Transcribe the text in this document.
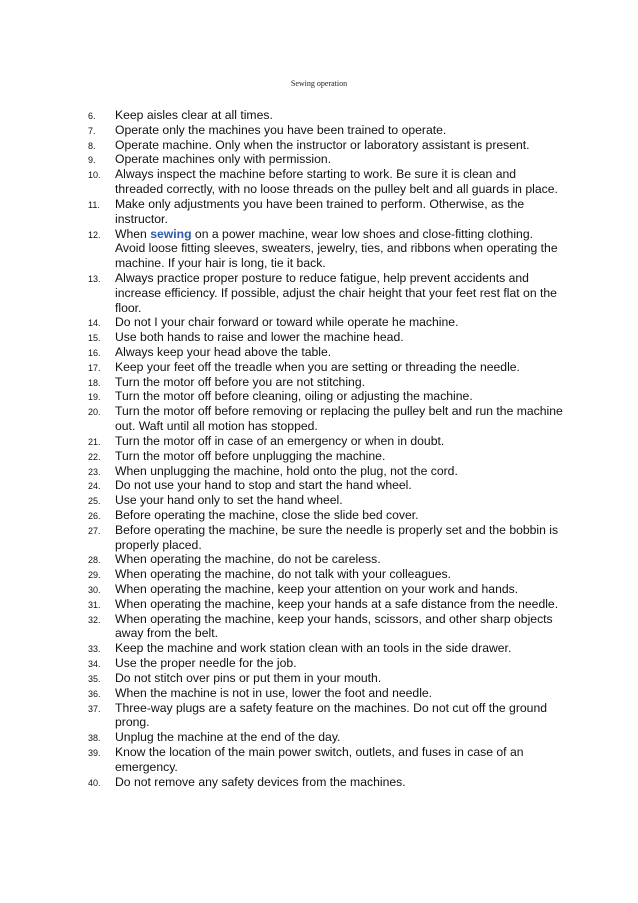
Sewing operation
6. Keep aisles clear at all times.
7. Operate only the machines you have been trained to operate.
8. Operate machine. Only when the instructor or laboratory assistant is present.
9. Operate machines only with permission.
10. Always inspect the machine before starting to work. Be sure it is clean and threaded correctly, with no loose threads on the pulley belt and all guards in place.
11. Make only adjustments you have been trained to perform. Otherwise, as the instructor.
12. When sewing on a power machine, wear low shoes and close-fitting clothing. Avoid loose fitting sleeves, sweaters, jewelry, ties, and ribbons when operating the machine. If your hair is long, tie it back.
13. Always practice proper posture to reduce fatigue, help prevent accidents and increase efficiency. If possible, adjust the chair height that your feet rest flat on the floor.
14. Do not I your chair forward or toward while operate he machine.
15. Use both hands to raise and lower the machine head.
16. Always keep your head above the table.
17. Keep your feet off the treadle when you are setting or threading the needle.
18. Turn the motor off before you are not stitching.
19. Turn the motor off before cleaning, oiling or adjusting the machine.
20. Turn the motor off before removing or replacing the pulley belt and run the machine out. Waft until all motion has stopped.
21. Turn the motor off in case of an emergency or when in doubt.
22. Turn the motor off before unplugging the machine.
23. When unplugging the machine, hold onto the plug, not the cord.
24. Do not use your hand to stop and start the hand wheel.
25. Use your hand only to set the hand wheel.
26. Before operating the machine, close the slide bed cover.
27. Before operating the machine, be sure the needle is properly set and the bobbin is properly placed.
28. When operating the machine, do not be careless.
29. When operating the machine, do not talk with your colleagues.
30. When operating the machine, keep your attention on your work and hands.
31. When operating the machine, keep your hands at a safe distance from the needle.
32. When operating the machine, keep your hands, scissors, and other sharp objects away from the belt.
33. Keep the machine and work station clean with an tools in the side drawer.
34. Use the proper needle for the job.
35. Do not stitch over pins or put them in your mouth.
36. When the machine is not in use, lower the foot and needle.
37. Three-way plugs are a safety feature on the machines. Do not cut off the ground prong.
38. Unplug the machine at the end of the day.
39. Know the location of the main power switch, outlets, and fuses in case of an emergency.
40. Do not remove any safety devices from the machines.
